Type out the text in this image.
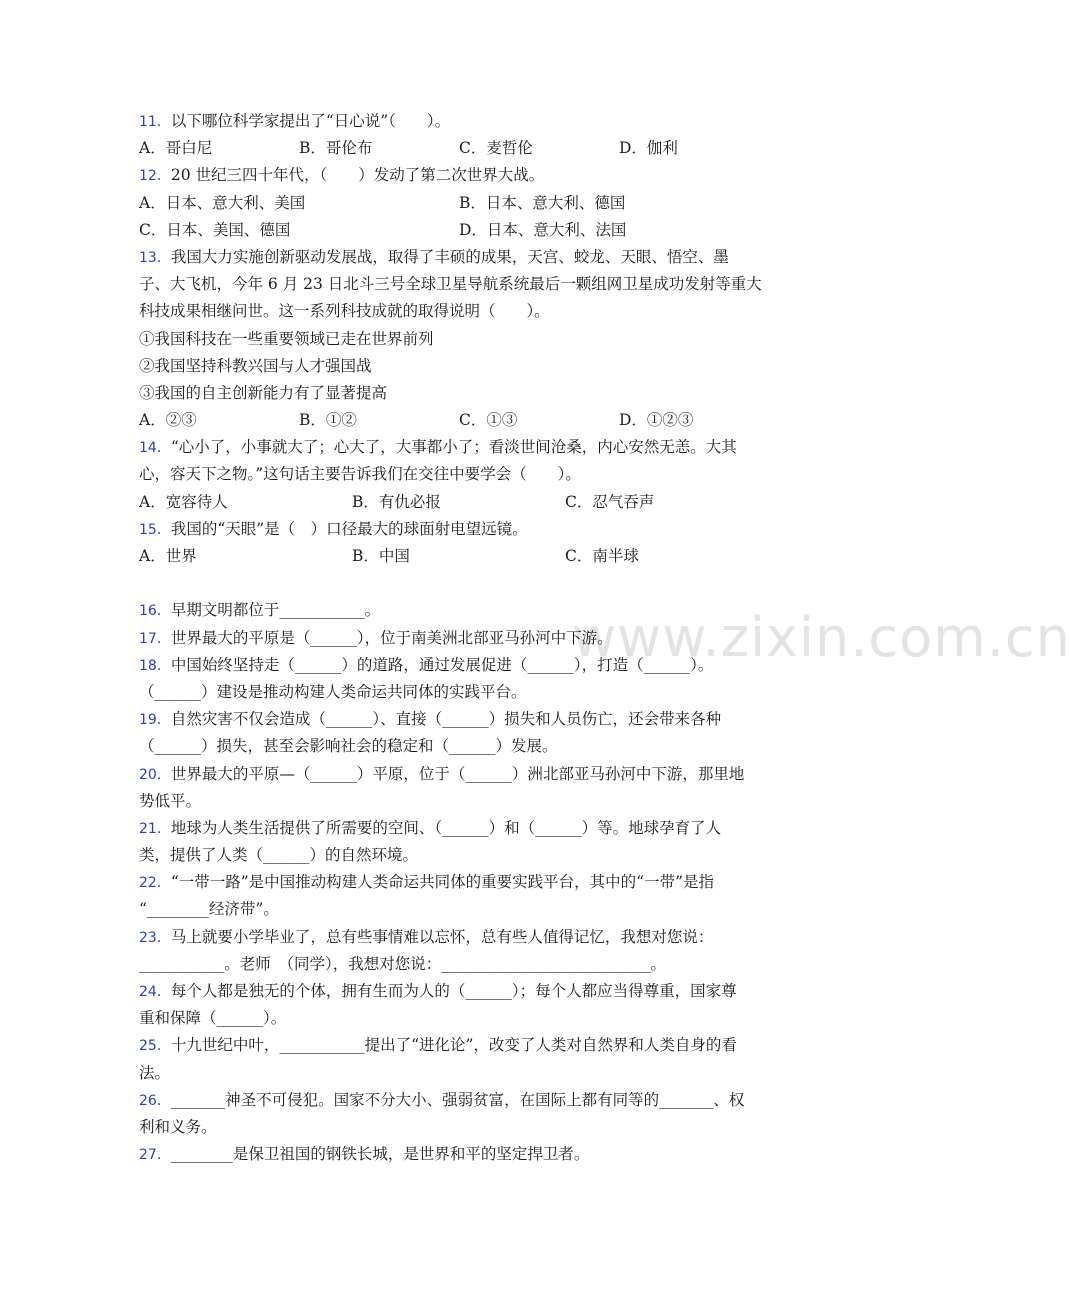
www.zixin.com.cn
11．以下哪位科学家提出了“日心说”（　　）。
A．哥白尼	B．哥伦布	C．麦哲伦	D．伽利
12．20 世纪三四十年代，（　　）发动了第二次世界大战。
A．日本、意大利、美国	B．日本、意大利、德国
C．日本、美国、德国	D．日本、意大利、法国
13．我国大力实施创新驱动发展战，取得了丰硕的成果，天宫、蛟龙、天眼、悟空、墨
子、大飞机，今年 6 月 23 日北斗三号全球卫星导航系统最后一颗组网卫星成功发射等重大
科技成果相继问世。这一系列科技成就的取得说明（　　）。
①我国科技在一些重要领域已走在世界前列
②我国坚持科教兴国与人才强国战
③我国的自主创新能力有了显著提高
A．②③	B．①②	C．①③	D．①②③
14．“心小了，小事就大了；心大了，大事都小了；看淡世间沧桑，内心安然无恙。大其
心，容天下之物。”这句话主要告诉我们在交往中要学会（　　）。
A．宽容待人	B．有仇必报	C．忍气吞声
15．我国的“天眼”是（　）口径最大的球面射电望远镜。
A．世界	B．中国	C．南半球
16．早期文明都位于___________。
17．世界最大的平原是（______），位于南美洲北部亚马孙河中下游。
18．中国始终坚持走（______）的道路，通过发展促进（______），打造（______）。
（______）建设是推动构建人类命运共同体的实践平台。
19．自然灾害不仅会造成（______）、直接（______）损失和人员伤亡，还会带来各种
（______）损失，甚至会影响社会的稳定和（______）发展。
20．世界最大的平原—（______）平原，位于（______）洲北部亚马孙河中下游，那里地
势低平。
21．地球为人类生活提供了所需要的空间、（______）和（______）等。地球孕育了人
类，提供了人类（______）的自然环境。
22．“一带一路”是中国推动构建人类命运共同体的重要实践平台，其中的“一带”是指
“________经济带”。
23．马上就要小学毕业了，总有些事情难以忘怀，总有些人值得记忆，我想对您说：
___________。老师　（同学），我想对您说：___________________________。
24．每个人都是独无的个体，拥有生而为人的（______）；每个人都应当得尊重，国家尊
重和保障（______）。
25．十九世纪中叶，___________提出了“进化论”，改变了人类对自然界和人类自身的看
法。
26．_______神圣不可侵犯。国家不分大小、强弱贫富，在国际上都有同等的_______、权
利和义务。
27．________是保卫祖国的钢铁长城，是世界和平的坚定捍卫者。
